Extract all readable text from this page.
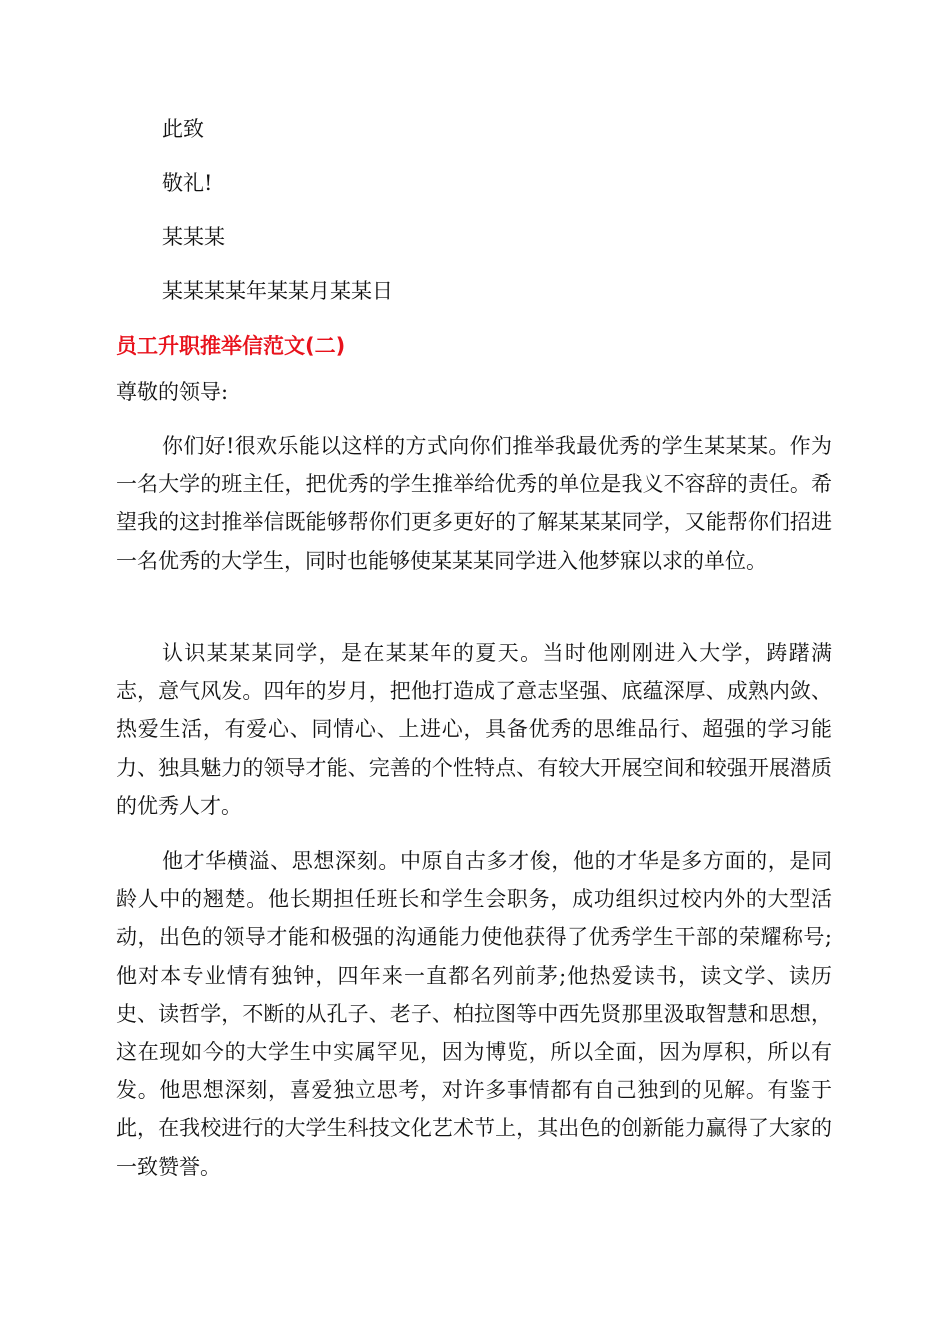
此致
敬礼!
某某某
某某某某年某某月某某日
员工升职推举信范文(二)
尊敬的领导:

你们好!很欢乐能以这样的方式向你们推举我最优秀的学生某某某。作为一名大学的班主任，把优秀的学生推举给优秀的单位是我义不容辞的责任。希望我的这封推举信既能够帮你们更多更好的了解某某某同学，又能帮你们招进一名优秀的大学生，同时也能够使某某某同学进入他梦寐以求的单位。

认识某某某同学，是在某某年的夏天。当时他刚刚进入大学，踌躇满志，意气风发。四年的岁月，把他打造成了意志坚强、底蕴深厚、成熟内敛、热爱生活，有爱心、同情心、上进心，具备优秀的思维品行、超强的学习能力、独具魅力的领导才能、完善的个性特点、有较大开展空间和较强开展潜质的优秀人才。

他才华横溢、思想深刻。中原自古多才俊，他的才华是多方面的，是同龄人中的翘楚。他长期担任班长和学生会职务，成功组织过校内外的大型活动，出色的领导才能和极强的沟通能力使他获得了优秀学生干部的荣耀称号;他对本专业情有独钟，四年来一直都名列前茅;他热爱读书，读文学、读历史、读哲学，不断的从孔子、老子、柏拉图等中西先贤那里汲取智慧和思想，这在现如今的大学生中实属罕见，因为博览，所以全面，因为厚积，所以有发。他思想深刻，喜爱独立思考，对许多事情都有自己独到的见解。有鉴于此，在我校进行的大学生科技文化艺术节上，其出色的创新能力赢得了大家的一致赞誉。
